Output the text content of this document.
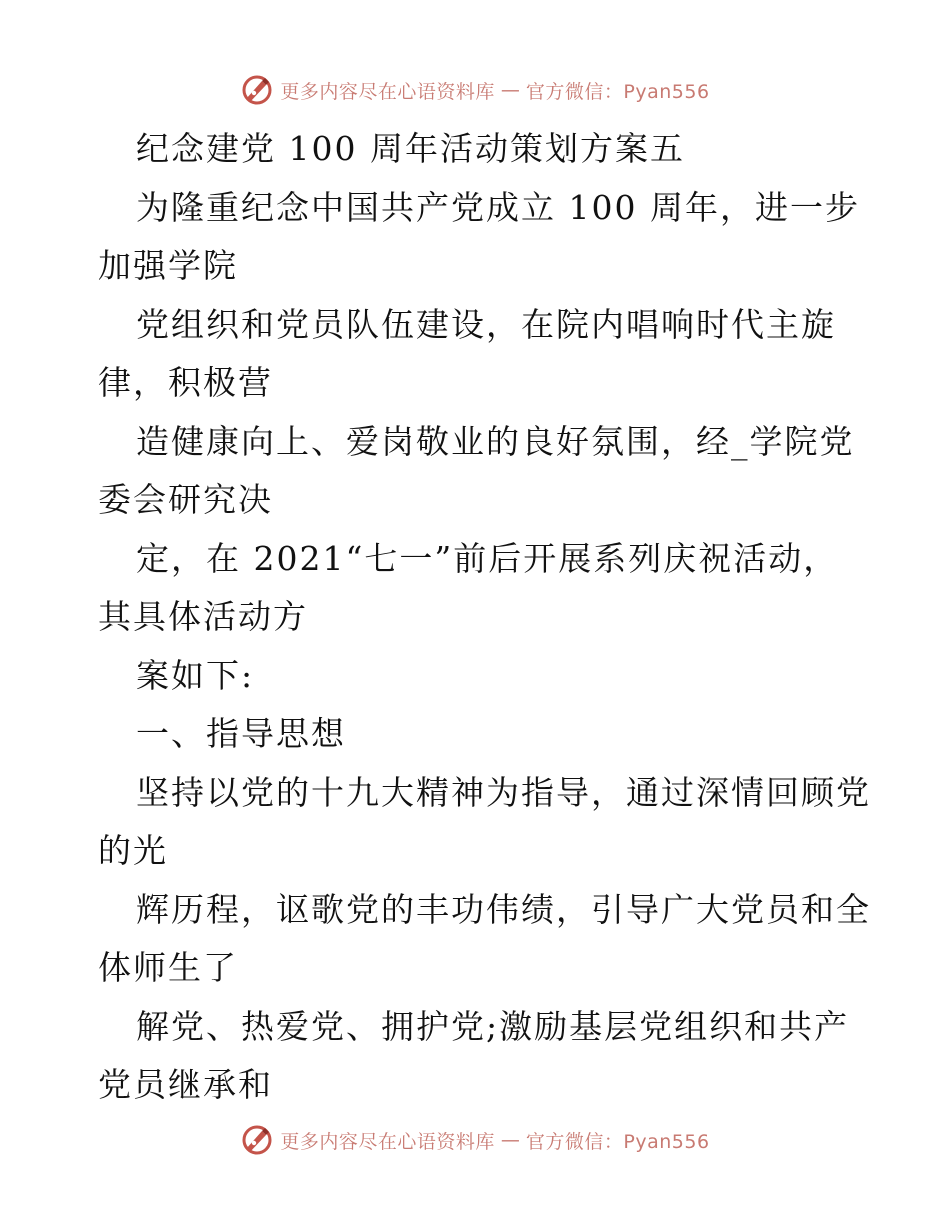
更多内容尽在心语资料库 — 官方微信：Pyan556
纪念建党 100 周年活动策划方案五
为隆重纪念中国共产党成立 100 周年，进一步
加强学院
党组织和党员队伍建设，在院内唱响时代主旋
律，积极营
造健康向上、爱岗敬业的良好氛围，经_学院党
委会研究决
定，在 2021“七一”前后开展系列庆祝活动，
其具体活动方
案如下:
一、指导思想
坚持以党的十九大精神为指导，通过深情回顾党
的光
辉历程，讴歌党的丰功伟绩，引导广大党员和全
体师生了
解党、热爱党、拥护党;激励基层党组织和共产
党员继承和
更多内容尽在心语资料库 — 官方微信：Pyan556
